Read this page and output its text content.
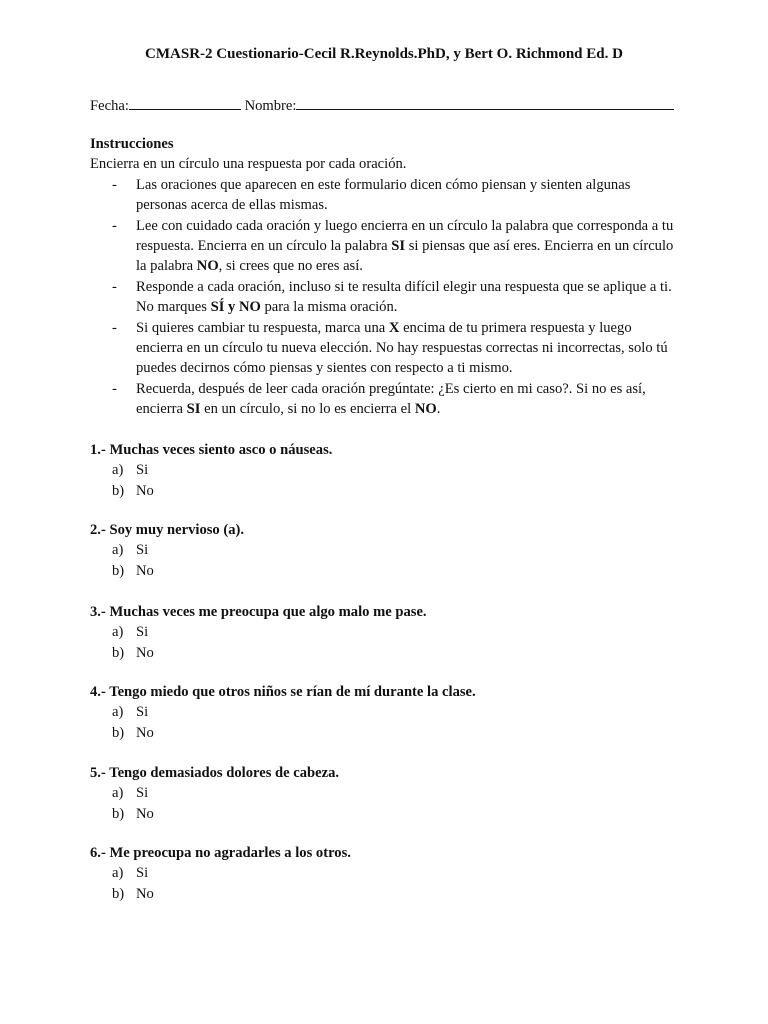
CMASR-2 Cuestionario-Cecil R.Reynolds.PhD, y Bert O. Richmond Ed. D
Fecha:	Nombre:
Instrucciones

Encierra en un círculo una respuesta por cada oración.

- Las oraciones que aparecen en este formulario dicen cómo piensan y sienten algunas personas acerca de ellas mismas.
- Lee con cuidado cada oración y luego encierra en un círculo la palabra que corresponda a tu respuesta. Encierra en un círculo la palabra SI si piensas que así eres. Encierra en un círculo la palabra NO, si crees que no eres así.
- Responde a cada oración, incluso si te resulta difícil elegir una respuesta que se aplique a ti. No marques SÍ y NO para la misma oración.
- Si quieres cambiar tu respuesta, marca una X encima de tu primera respuesta y luego encierra en un círculo tu nueva elección. No hay respuestas correctas ni incorrectas, solo tú puedes decirnos cómo piensas y sientes con respecto a ti mismo.
- Recuerda, después de leer cada oración pregúntate: ¿Es cierto en mi caso?. Si no es así, encierra SI en un círculo, si no lo es encierra el NO.
1.- Muchas veces siento asco o náuseas.
a) Si
b) No
2.- Soy muy nervioso (a).
a) Si
b) No
3.- Muchas veces me preocupa que algo malo me pase.
a) Si
b) No
4.- Tengo miedo que otros niños se rían de mí durante la clase.
a) Si
b) No
5.- Tengo demasiados dolores de cabeza.
a) Si
b) No
6.- Me preocupa no agradarles a los otros.
a) Si
b) No
